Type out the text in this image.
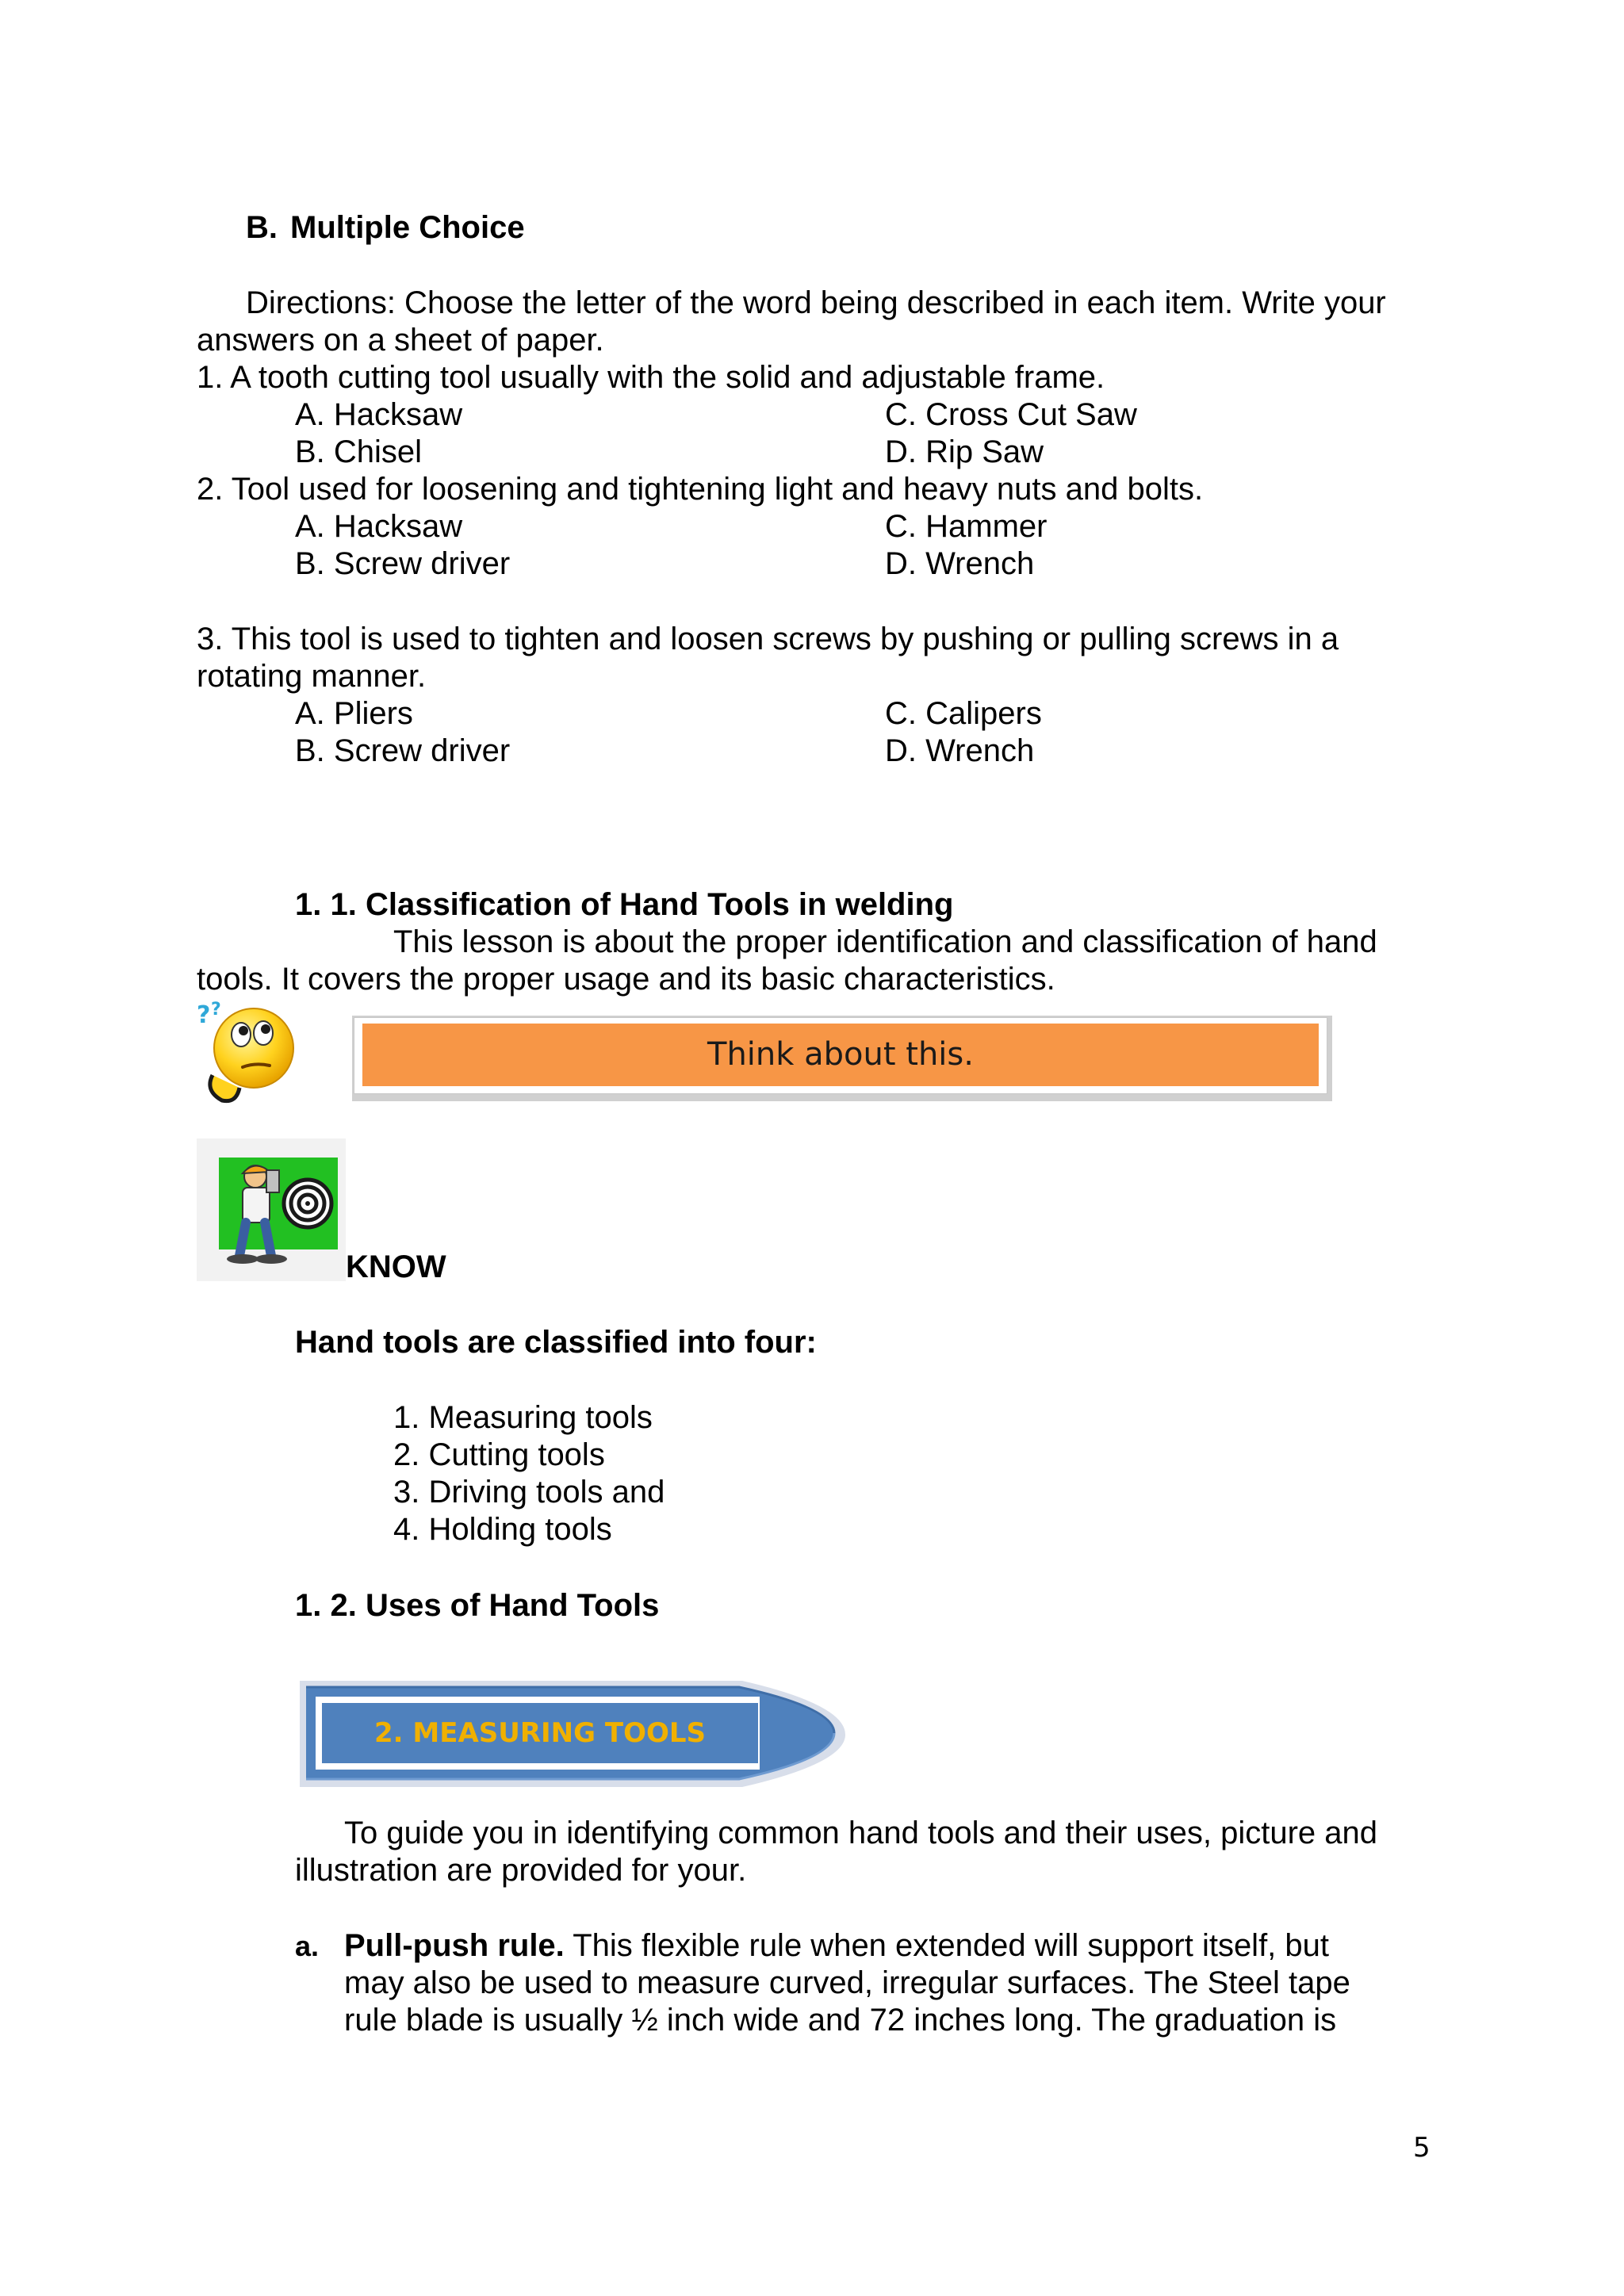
B. Multiple Choice
Directions: Choose the letter of the word being described in each item. Write your
answers on a sheet of paper.
1. A tooth cutting tool usually with the solid and adjustable frame.
A. Hacksaw	C. Cross Cut Saw
B. Chisel	D. Rip Saw
2. Tool used for loosening and tightening light and heavy nuts and bolts.
A. Hacksaw	C. Hammer
B. Screw driver	D. Wrench
3. This tool is used to tighten and loosen screws by pushing or pulling screws in a
rotating manner.
A. Pliers	C. Calipers
B. Screw driver	D. Wrench
1. 1. Classification of Hand Tools in welding
This lesson is about the proper identification and classification of hand
tools. It covers the proper usage and its basic characteristics.
? ?
Think about this.
KNOW
Hand tools are classified into four:
1. Measuring tools
2. Cutting tools
3. Driving tools and
4. Holding tools
1. 2. Uses of Hand Tools
2. MEASURING TOOLS
To guide you in identifying common hand tools and their uses, picture and
illustration are provided for your.
a. Pull-push rule. This flexible rule when extended will support itself, but
may also be used to measure curved, irregular surfaces. The Steel tape
rule blade is usually ½ inch wide and 72 inches long. The graduation is
5
